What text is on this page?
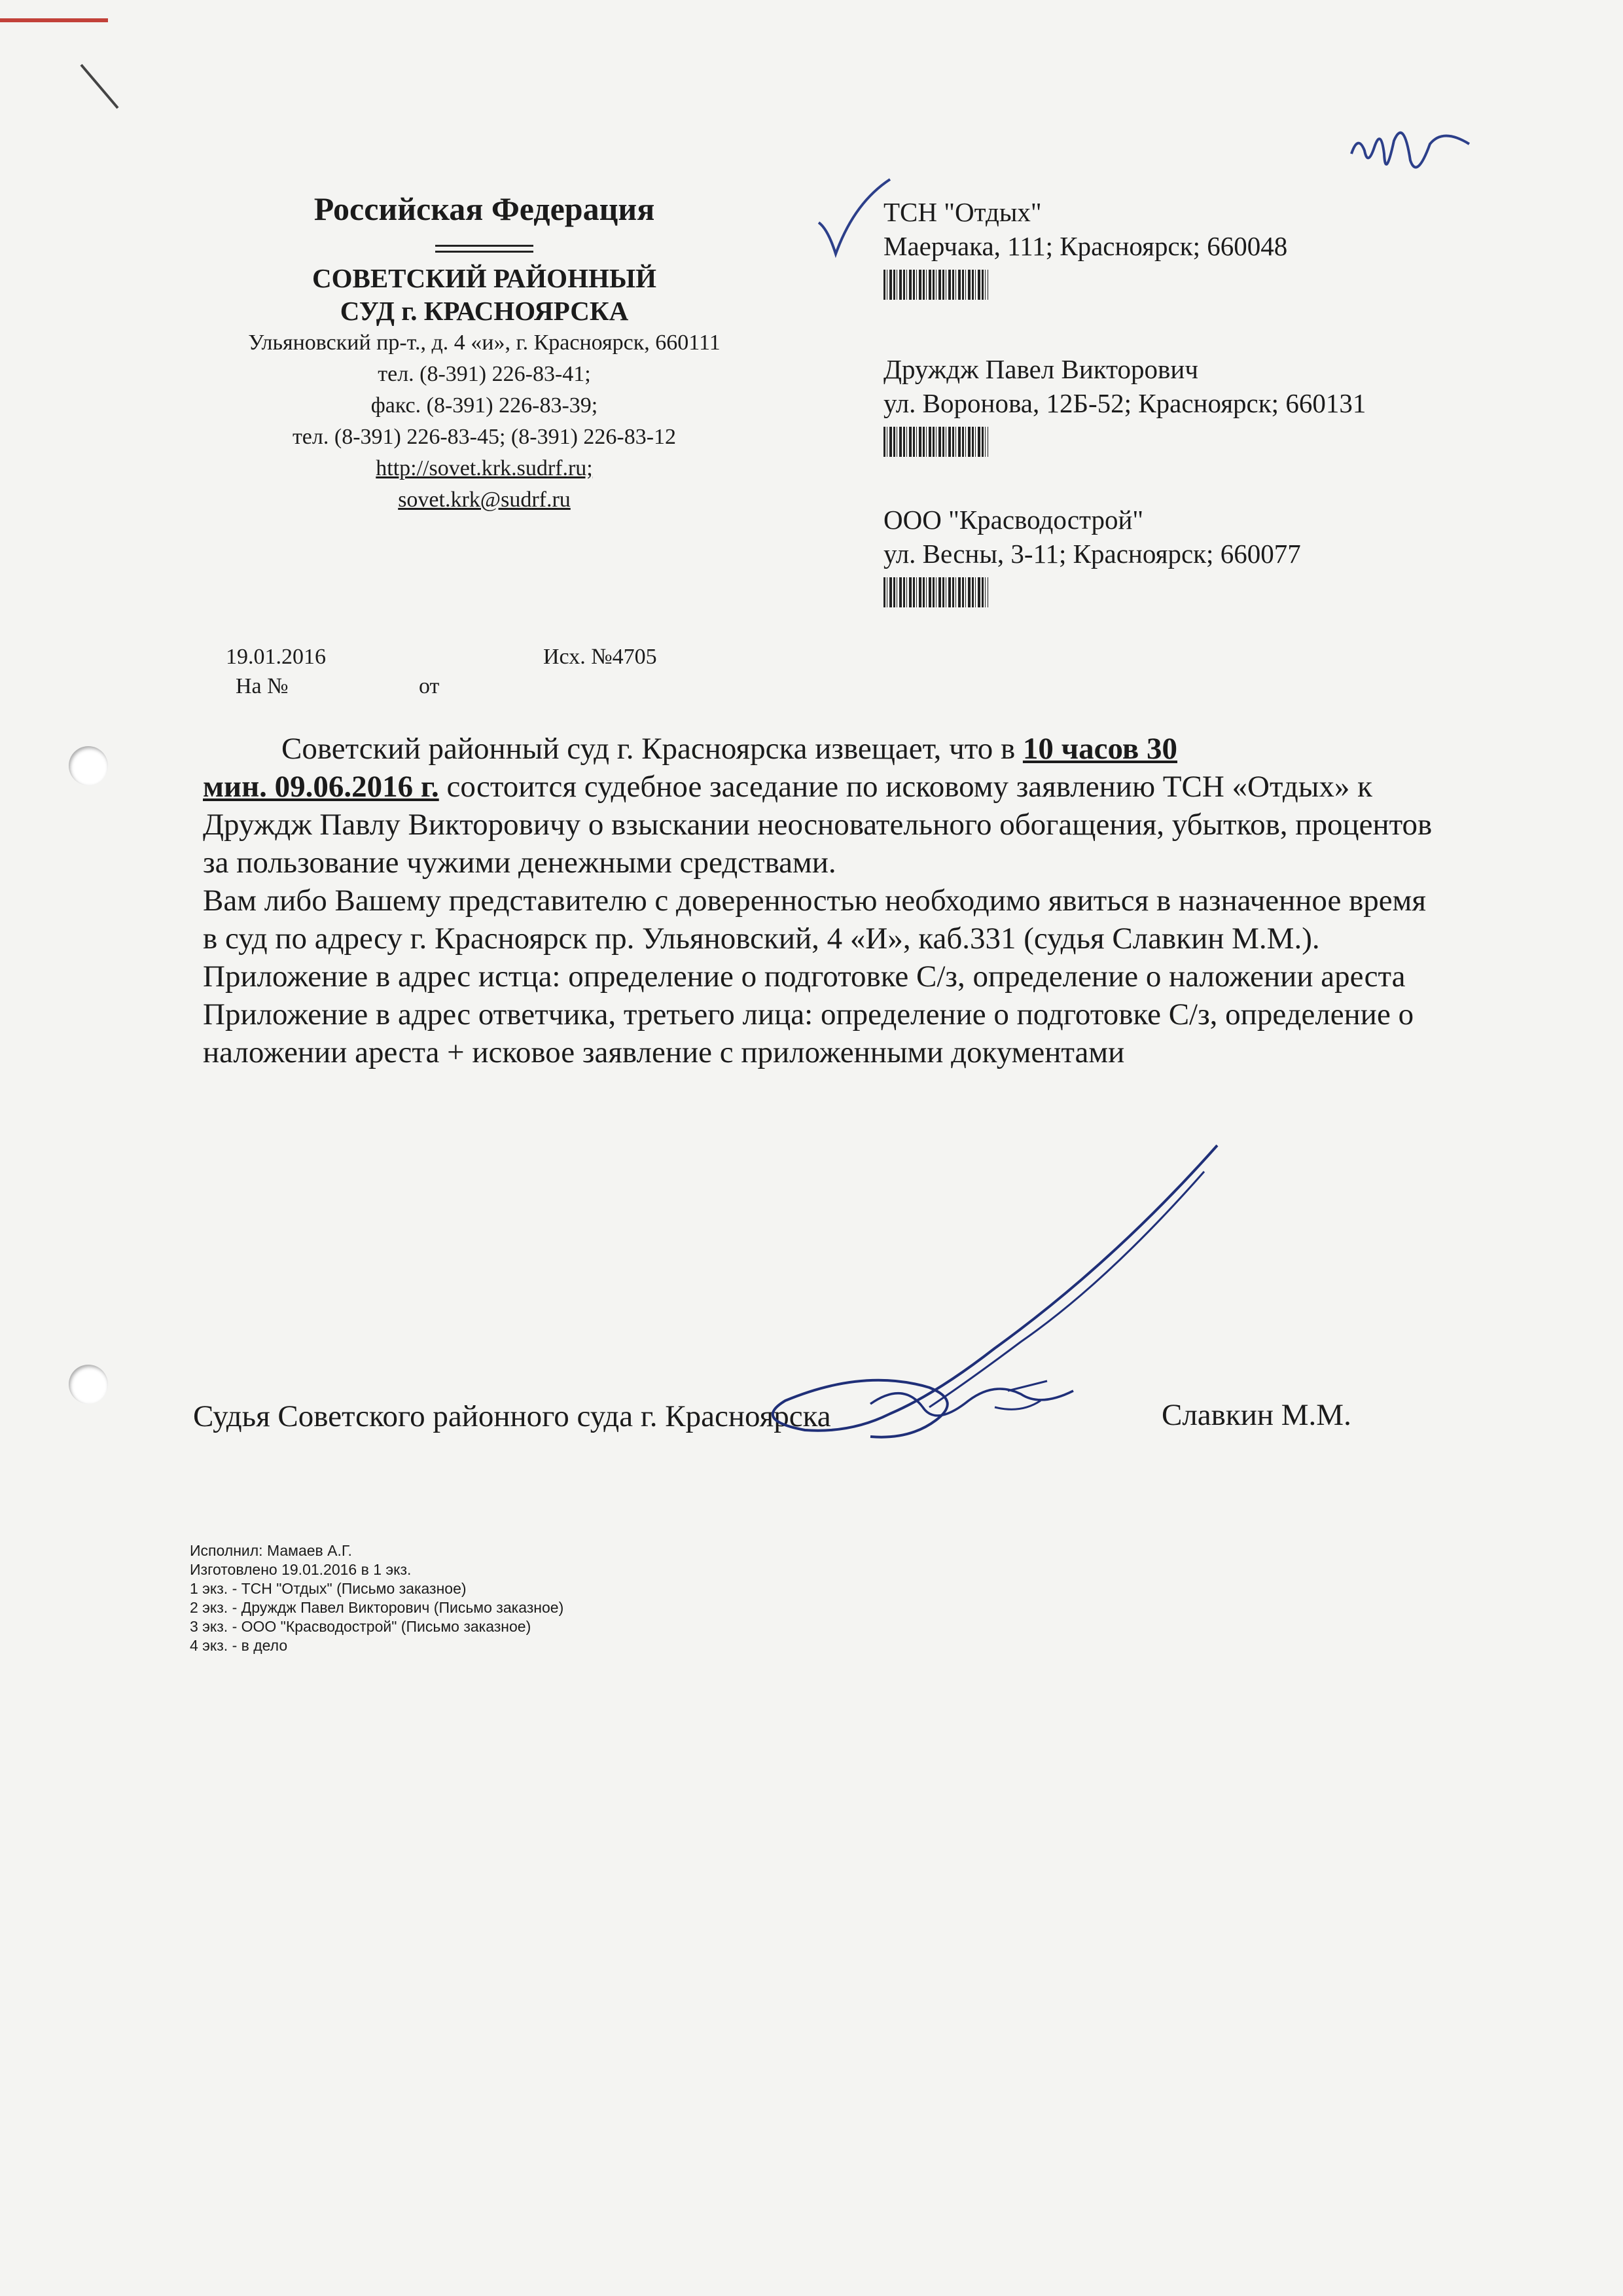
Российская Федерация
СОВЕТСКИЙ РАЙОННЫЙ
СУД г. КРАСНОЯРСКА
Ульяновский пр-т., д. 4 «и», г. Красноярск, 660111
тел. (8-391) 226-83-41;
факс. (8-391) 226-83-39;
тел. (8-391) 226-83-45; (8-391) 226-83-12
http://sovet.krk.sudrf.ru;
sovet.krk@sudrf.ru
ТСН "Отдых"
Маерчака, 111; Красноярск; 660048
Друждж Павел Викторович
ул. Воронова, 12Б-52; Красноярск; 660131
ООО "Красводострой"
ул. Весны, 3-11; Красноярск; 660077
19.01.2016	Исх. №4705
На №	от

Советский районный суд г. Красноярска извещает, что в 10 часов 30

мин. 09.06.2016 г. состоится судебное заседание по исковому заявлению ТСН «Отдых» к Друждж Павлу Викторовичу о взыскании неосновательного обогащения, убытков, процентов за пользование чужими денежными средствами.

Вам либо Вашему представителю с доверенностью необходимо явиться в назначенное время в суд по адресу г. Красноярск пр. Ульяновский, 4 «И», каб.331 (судья Славкин М.М.).

Приложение в адрес истца: определение о подготовке С/з, определение о наложении ареста

Приложение в адрес ответчика, третьего лица: определение о подготовке С/з, определение о наложении ареста + исковое заявление с приложенными документами

Судья Советского районного суда г. Красноярска	Славкин М.М.
Исполнил: Мамаев А.Г.
Изготовлено 19.01.2016 в 1 экз.
1 экз. - ТСН "Отдых" (Письмо заказное)
2 экз. - Друждж Павел Викторович (Письмо заказное)
3 экз. - ООО "Красводострой" (Письмо заказное)
4 экз. - в дело
